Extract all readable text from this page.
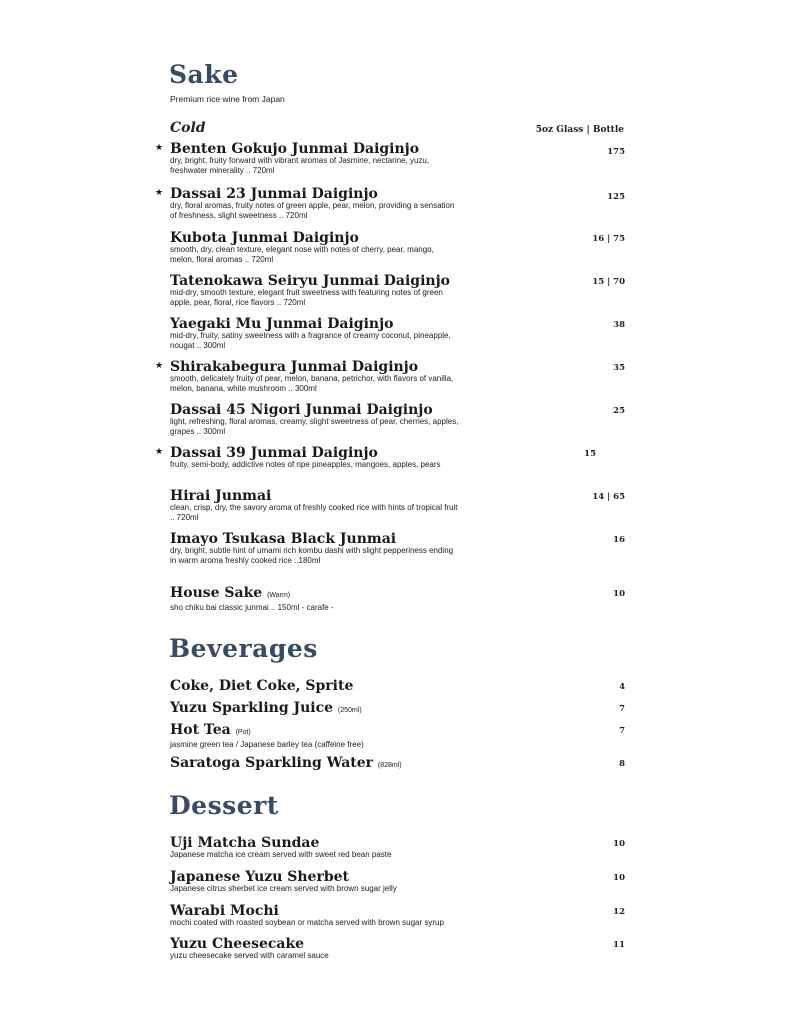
Sake
Premium rice wine from Japan
Cold	5oz Glass | Bottle
★ Benten Gokujo Junmai Daiginjo
dry, bright, fruity forward with vibrant aromas of Jasmine, nectarine, yuzu, freshwater minerality .. 720ml
175
★ Dassai 23 Junmai Daiginjo
dry, floral aromas, fruity notes of green apple, pear, melon, providing a sensation of freshness, slight sweetness .. 720ml
125
Kubota Junmai Daiginjo
smooth, dry, clean texture, elegant nose with notes of cherry, pear, mango, melon, floral aromas .. 720ml
16 | 75
Tatenokawa Seiryu Junmai Daiginjo
mid-dry, smooth texture, elegant fruit sweetness with featuring notes of green apple, pear, floral, rice flavors .. 720ml
15 | 70
Yaegaki Mu Junmai Daiginjo
mid-dry, fruity, satiny sweetness with a fragrance of creamy coconut, pineapple, nougat .. 300ml
38
★ Shirakabegura Junmai Daiginjo
smooth, delicately fruity of pear, melon, banana, petrichor, with flavors of vanilla, melon, banana, white mushroom .. 300ml
35
Dassai 45 Nigori Junmai Daiginjo
light, refreshing, floral aromas, creamy, slight sweetness of pear, cherries, apples, grapes .. 300ml
25
★ Dassai 39 Junmai Daiginjo
fruity, semi-body, addictive notes of ripe pineapples, mangoes, apples, pears
15
Hirai Junmai
clean, crisp, dry, the savory aroma of freshly cooked rice with hints of tropical fruit .. 720ml
14 | 65
Imayo Tsukasa Black Junmai
dry, bright, subtle hint of umami rich kombu dashi with slight pepperiness ending in warm aroma freshly cooked rice ..180ml
16
House Sake (Warm)
sho chiku bai classic junmai .. 150ml - carafe -
10
Beverages
Coke, Diet Coke, Sprite	4
Yuzu Sparkling Juice (250ml)	7
Hot Tea (Pot)
jasmine green tea / Japanese barley tea (caffeine free)
7
Saratoga Sparkling Water (828ml)	8
Dessert
Uji Matcha Sundae
Japanese matcha ice cream served with sweet red bean paste
10
Japanese Yuzu Sherbet
Japanese citrus sherbet ice cream served with brown sugar jelly
10
Warabi Mochi
mochi coated with roasted soybean or matcha served with brown sugar syrup
12
Yuzu Cheesecake
yuzu cheesecake served with caramel sauce
11
